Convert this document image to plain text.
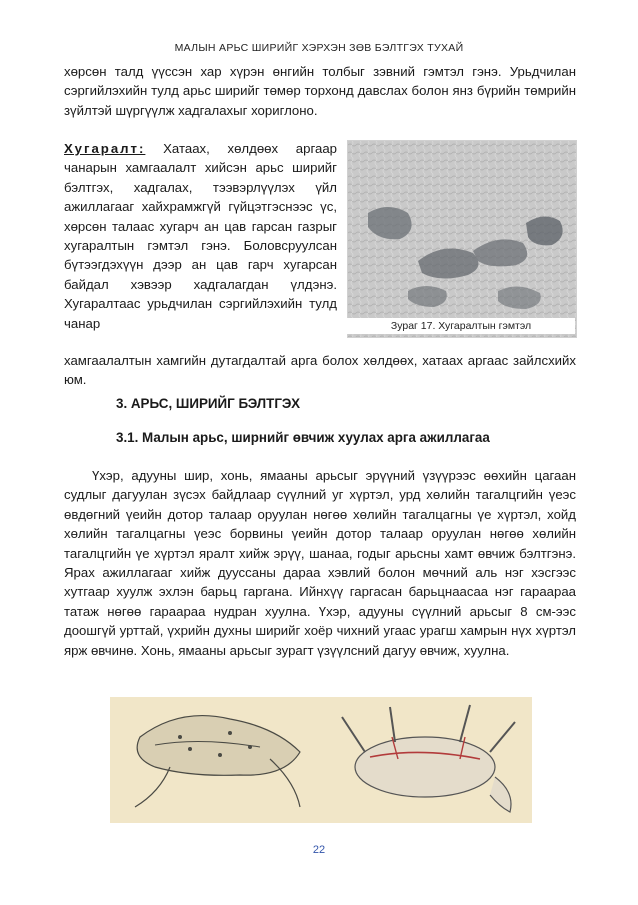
МАЛЫН АРЬС ШИРИЙГ ХЭРХЭН ЗӨВ БЭЛТГЭХ ТУХАЙ

хөрсөн талд үүссэн хар хүрэн өнгийн толбыг зэвний гэмтэл гэнэ. Урьдчилан сэргийлэхийн тулд арьс ширийг төмөр торхонд давслах болон янз бүрийн төмрийн зүйлтэй шүргүүлж хадгалахыг хориглоно.

Хугаралт: Хатаах, хөлдөөх аргаар чанарын хамгаалалт хийсэн арьс ширийг бэлтгэх, хадгалах, тээвэрлүүлэх үйл ажиллагааг хайхрамжгүй гүйцэтгэснээс үс, хөрсөн талаас хугарч ан цав гарсан газрыг хугаралтын гэмтэл гэнэ. Боловсруулсан бүтээгдэхүүн дээр ан цав гарч хугарсан байдал хэвээр хадгалагдан үлдэнэ. Хугаралтаас урьдчилан сэргийлэхийн тулд чанар	Зураг 17. Хугаралтын гэмтэл

хамгаалалтын хамгийн дутагдалтай арга болох хөлдөөх, хатаах аргаас зайлсхийх юм.

3. АРЬС, ШИРИЙГ БЭЛТГЭХ
3.1. Малын арьс, ширнийг өвчиж хуулах арга ажиллагаа

Үхэр, адууны шир, хонь, ямааны арьсыг эрүүний үзүүрээс өөхийн цагаан судлыг дагуулан зүсэх байдлаар сүүлний уг хүртэл, урд хөлийн тагалцгийн үеэс өвдөгний үеийн дотор талаар оруулан нөгөө хөлийн тагалцагны үе хүртэл, хойд хөлийн тагалцагны үеэс борвины үеийн дотор талаар оруулан нөгөө хөлийн тагалцгийн үе хүртэл яралт хийж эрүү, шанаа, годыг арьсны хамт өвчиж бэлтгэнэ. Ярах ажиллагааг хийж дууссаны дараа хэвлий болон мөчний аль нэг хэсгээс хутгаар хуулж эхлэн барьц гаргана. Ийнхүү гаргасан барьцнаасаа нэг гараараа татаж нөгөө гараараа нудран хуулна. Үхэр, адууны сүүлний арьсыг 8 см-ээс доошгүй урттай, үхрийн духны ширийг хоёр чихний угаас урагш хамрын нүх хүртэл ярж өвчинө. Хонь, ямааны арьсыг зурагт үзүүлсний дагуу өвчиж, хуулна.

22
